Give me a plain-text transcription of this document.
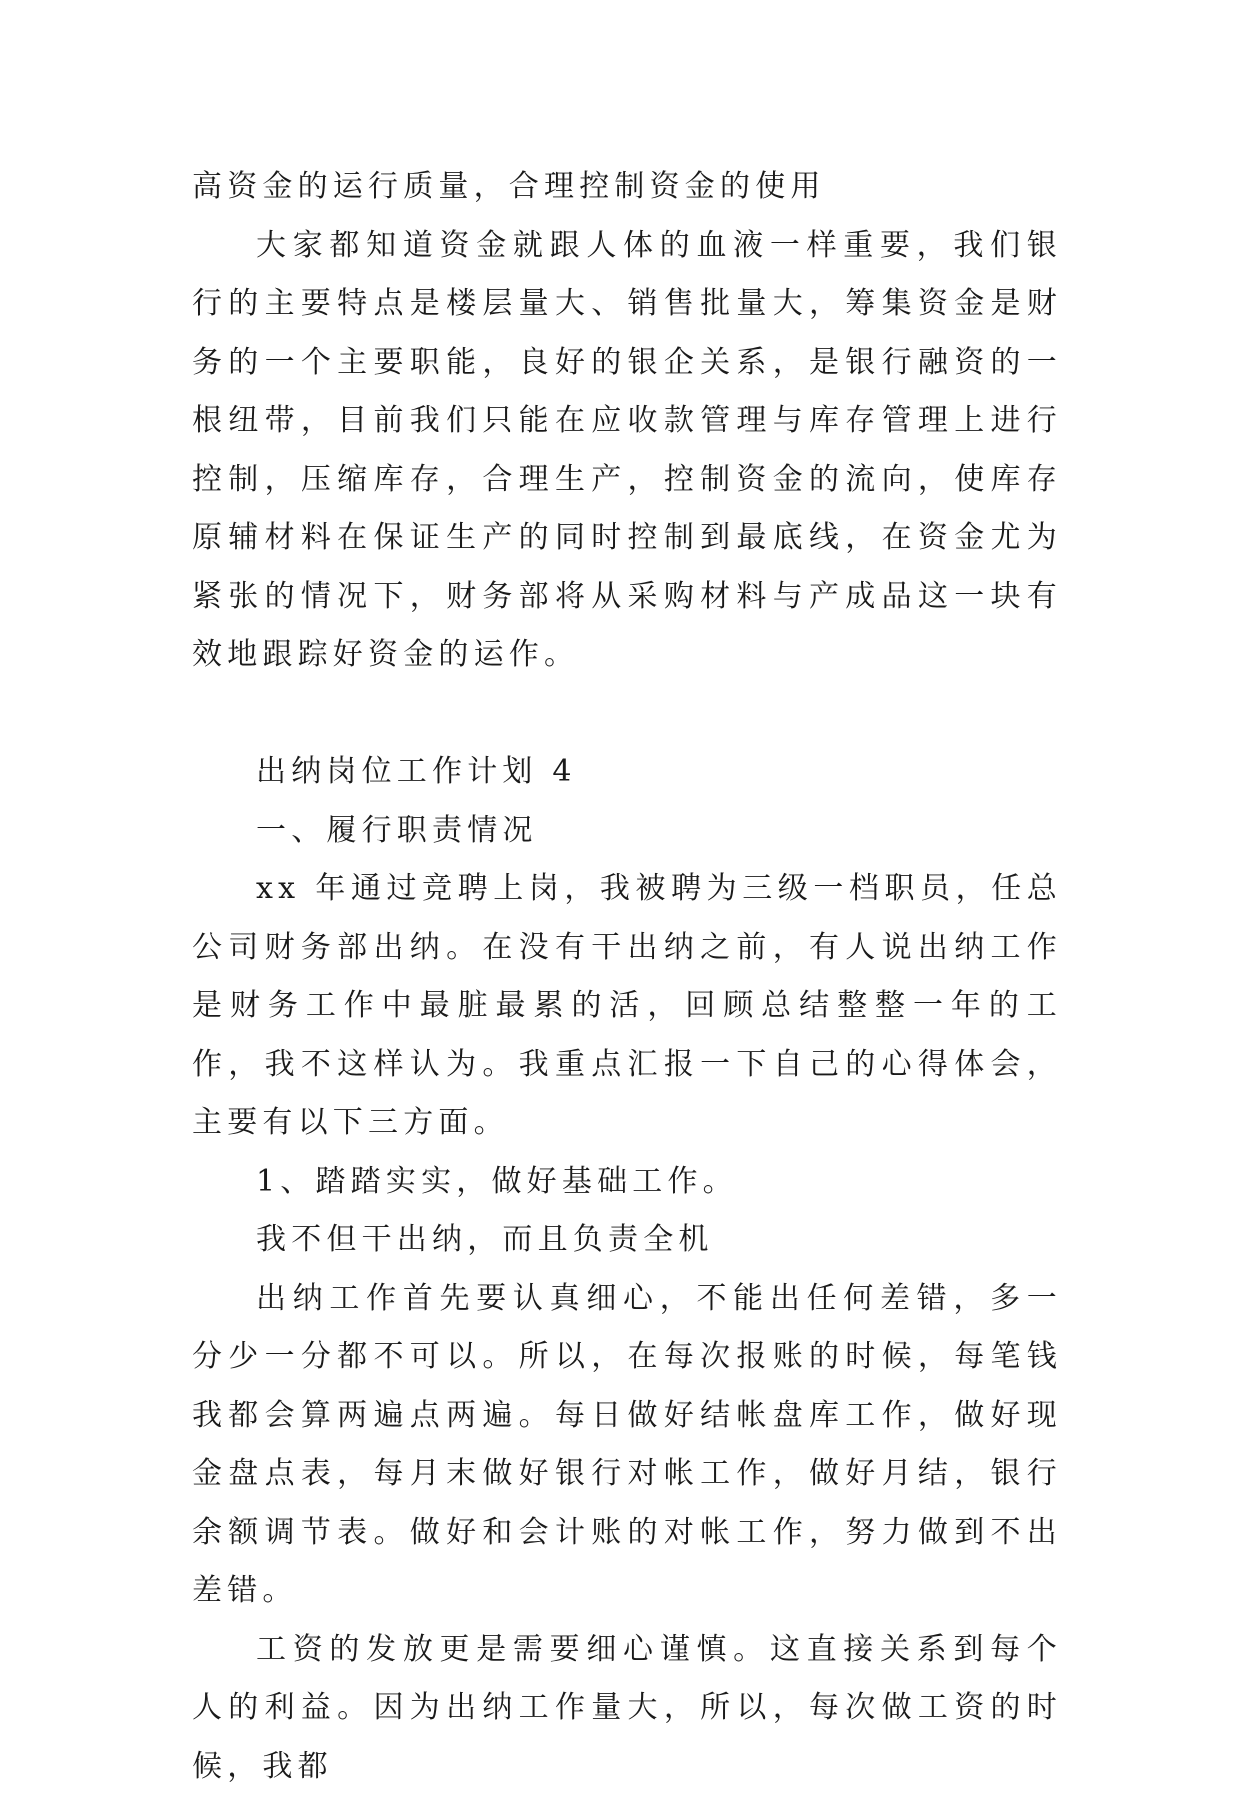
高资金的运行质量，合理控制资金的使用

大家都知道资金就跟人体的血液一样重要，我们银行的主要特点是楼层量大、销售批量大，筹集资金是财务的一个主要职能，良好的银企关系，是银行融资的一根纽带，目前我们只能在应收款管理与库存管理上进行控制，压缩库存，合理生产，控制资金的流向，使库存原辅材料在保证生产的同时控制到最底线，在资金尤为紧张的情况下，财务部将从采购材料与产成品这一块有效地跟踪好资金的运作。

出纳岗位工作计划 4

一、履行职责情况

xx 年通过竞聘上岗，我被聘为三级一档职员，任总公司财务部出纳。在没有干出纳之前，有人说出纳工作是财务工作中最脏最累的活，回顾总结整整一年的工作，我不这样认为。我重点汇报一下自己的心得体会，主要有以下三方面。

1、踏踏实实，做好基础工作。

我不但干出纳，而且负责全机

出纳工作首先要认真细心，不能出任何差错，多一分少一分都不可以。所以，在每次报账的时候，每笔钱我都会算两遍点两遍。每日做好结帐盘库工作，做好现金盘点表，每月末做好银行对帐工作，做好月结，银行余额调节表。做好和会计账的对帐工作，努力做到不出差错。

工资的发放更是需要细心谨慎。这直接关系到每个人的利益。因为出纳工作量大，所以，每次做工资的时候，我都
